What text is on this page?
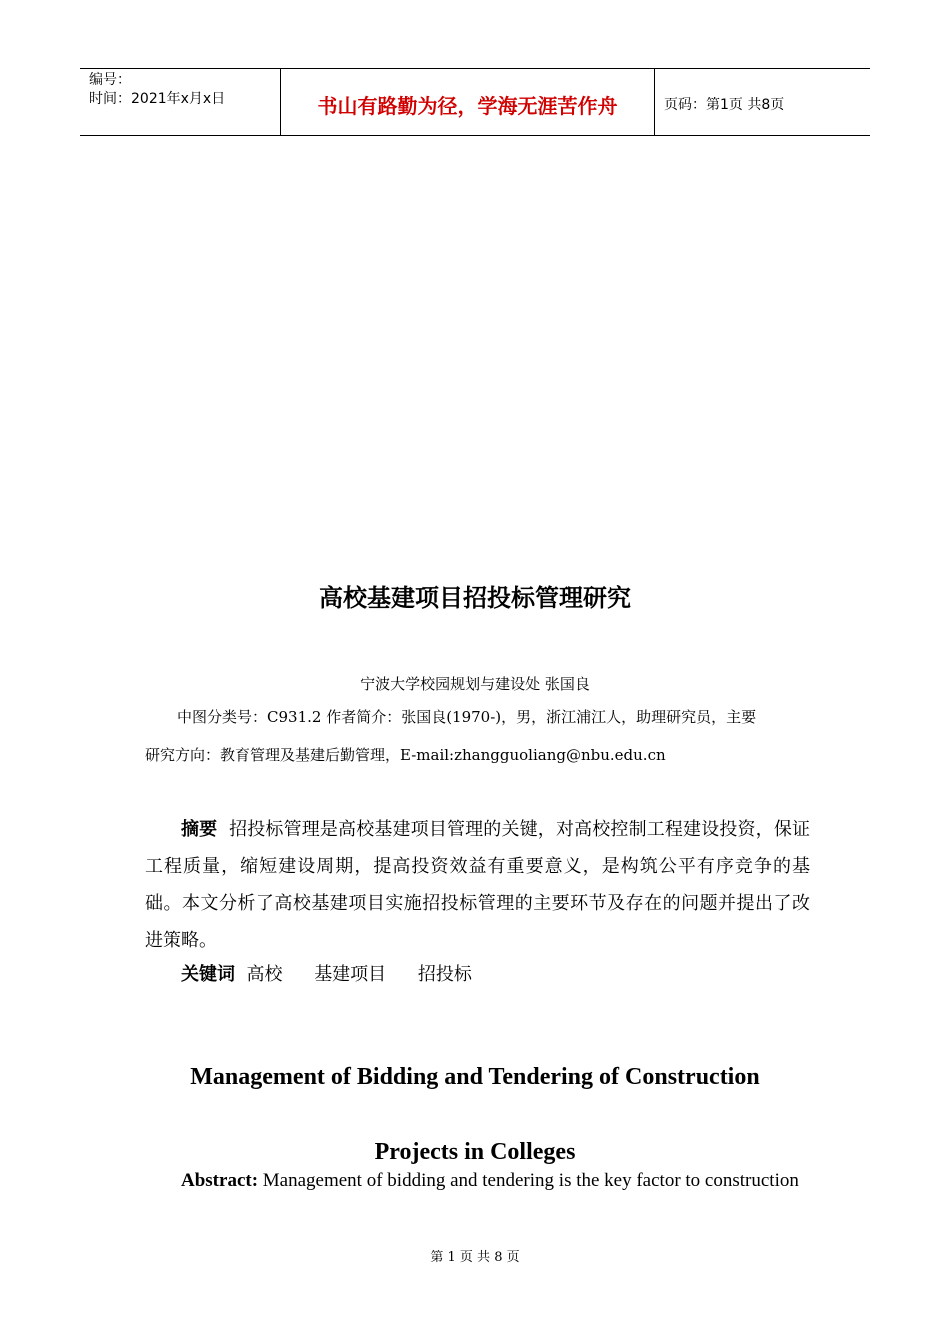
编号：
时间：2021年x月x日	书山有路勤为径，学海无涯苦作舟	页码：第1页 共8页
高校基建项目招投标管理研究
宁波大学校园规划与建设处 张国良
中图分类号：C931.2 作者简介：张国良(1970-)，男，浙江浦江人，助理研究员，主要
研究方向：教育管理及基建后勤管理，E-mail:zhangguoliang@nbu.edu.cn
摘要 招投标管理是高校基建项目管理的关键，对高校控制工程建设投资，保证工程质量，缩短建设周期，提高投资效益有重要意义，是构筑公平有序竞争的基础。本文分析了高校基建项目实施招投标管理的主要环节及存在的问题并提出了改进策略。
关键词 高校 基建项目 招投标
Management of Bidding and Tendering of Construction
Projects in Colleges
Abstract: Management of bidding and tendering is the key factor to construction
第 1 页 共 8 页
